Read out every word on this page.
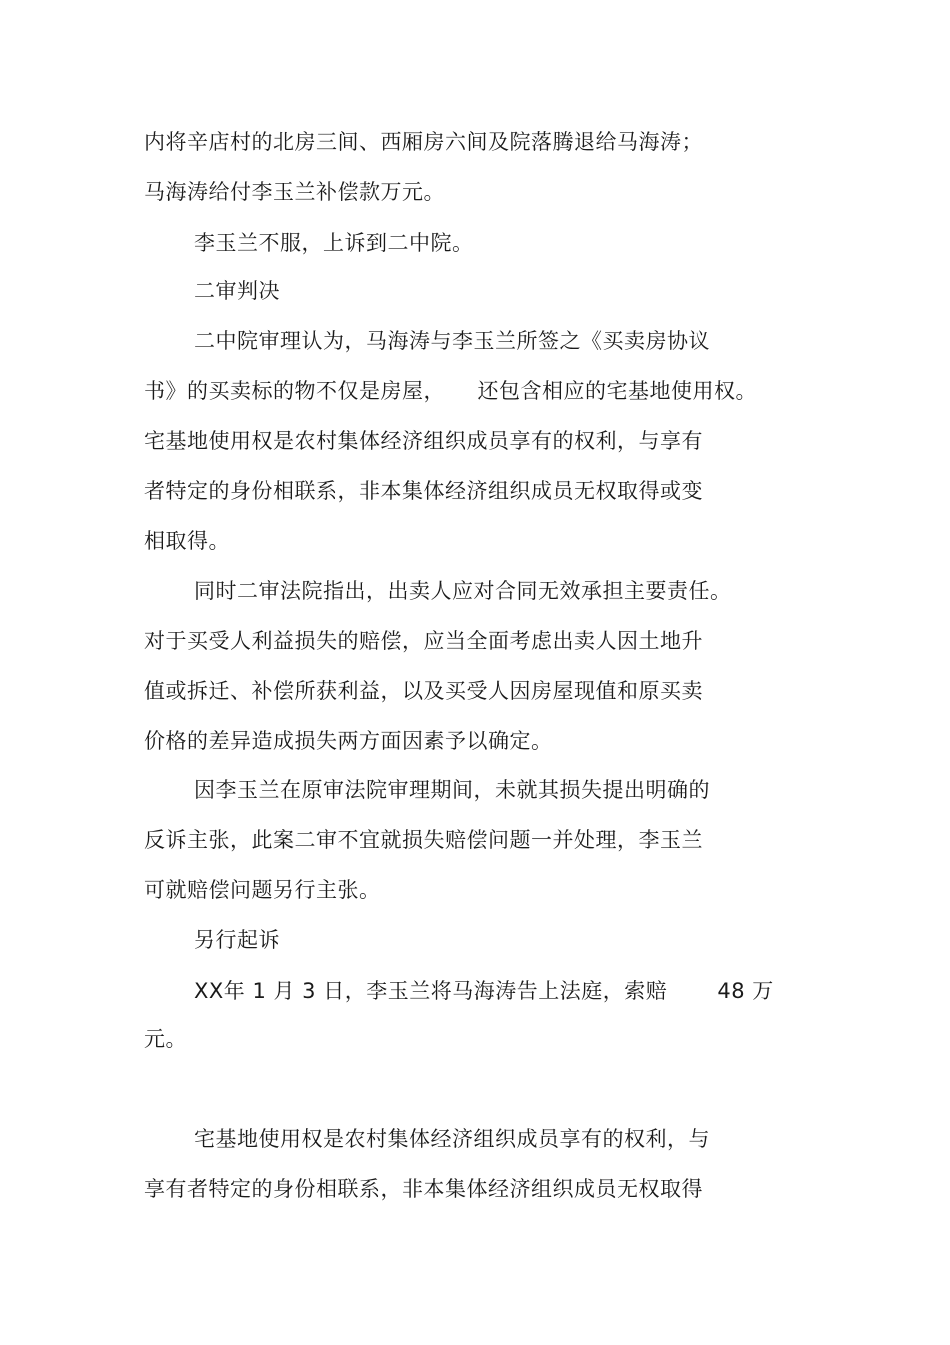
内将辛店村的北房三间、西厢房六间及院落腾退给马海涛；
马海涛给付李玉兰补偿款万元。
李玉兰不服，上诉到二中院。
二审判决
二中院审理认为，马海涛与李玉兰所签之《买卖房协议
书》的买卖标的物不仅是房屋，　　还包含相应的宅基地使用权。
宅基地使用权是农村集体经济组织成员享有的权利，与享有
者特定的身份相联系，非本集体经济组织成员无权取得或变
相取得。
同时二审法院指出，出卖人应对合同无效承担主要责任。
对于买受人利益损失的赔偿，应当全面考虑出卖人因土地升
值或拆迁、补偿所获利益，以及买受人因房屋现值和原买卖
价格的差异造成损失两方面因素予以确定。
因李玉兰在原审法院审理期间，未就其损失提出明确的
反诉主张，此案二审不宜就损失赔偿问题一并处理，李玉兰
可就赔偿问题另行主张。
另行起诉
XX年 1 月 3 日，李玉兰将马海涛告上法庭，索赔　　 48 万
元。
宅基地使用权是农村集体经济组织成员享有的权利，与
享有者特定的身份相联系，非本集体经济组织成员无权取得
